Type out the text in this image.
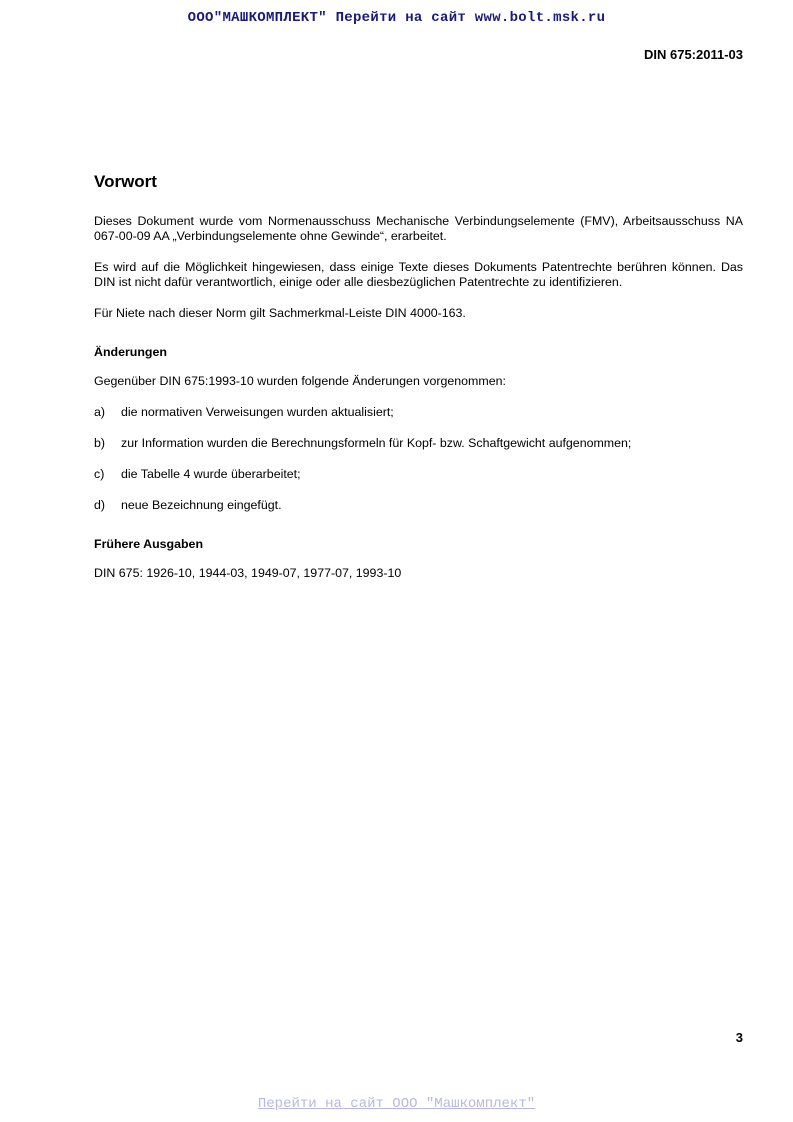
ООО"МАШКОМПЛЕКТ" Перейти на сайт www.bolt.msk.ru
DIN 675:2011-03
Vorwort

Dieses Dokument wurde vom Normenausschuss Mechanische Verbindungselemente (FMV), Arbeitsausschuss NA 067-00-09 AA „Verbindungselemente ohne Gewinde“, erarbeitet.

Es wird auf die Möglichkeit hingewiesen, dass einige Texte dieses Dokuments Patentrechte berühren können. Das DIN ist nicht dafür verantwortlich, einige oder alle diesbezüglichen Patentrechte zu identifizieren.

Für Niete nach dieser Norm gilt Sachmerkmal-Leiste DIN 4000-163.

Änderungen

Gegenüber DIN 675:1993-10 wurden folgende Änderungen vorgenommen:

a)	die normativen Verweisungen wurden aktualisiert;
b)	zur Information wurden die Berechnungsformeln für Kopf- bzw. Schaftgewicht aufgenommen;
c)	die Tabelle 4 wurde überarbeitet;
d)	neue Bezeichnung eingefügt.
Frühere Ausgaben

DIN 675: 1926-10, 1944-03, 1949-07, 1977-07, 1993-10

3
Перейти на сайт ООО "Машкомплект"
